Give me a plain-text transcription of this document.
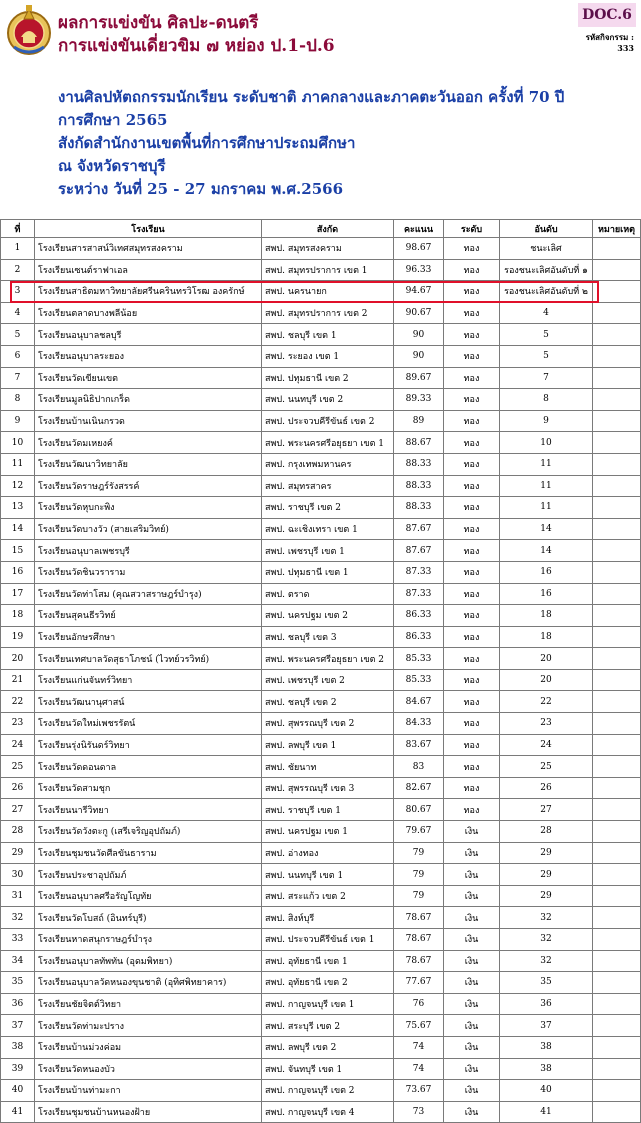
ผลการแข่งขัน ศิลปะ-ดนตรี
การแข่งขันเดี่ยวขิม ๗ หย่อง ป.1-ป.6
DOC.6
รหัสกิจกรรม :
333
งานศิลปหัตถกรรมนักเรียน ระดับชาติ ภาคกลางและภาคตะวันออก ครั้งที่ 70 ปี
การศึกษา 2565
สังกัดสำนักงานเขตพื้นที่การศึกษาประถมศึกษา
ณ จังหวัดราชบุรี
ระหว่าง วันที่ 25 - 27 มกราคม พ.ศ.2566
ที่	โรงเรียน	สังกัด	คะแนน	ระดับ	อันดับ	หมายเหตุ
1	โรงเรียนสารสาสน์วิเทศสมุทรสงคราม	สพป. สมุทรสงคราม	98.67	ทอง	ชนะเลิศ	
2	โรงเรียนเซนต์ราฟาเอล	สพป. สมุทรปราการ เขต 1	96.33	ทอง	รองชนะเลิศอันดับที่ ๑	
3	โรงเรียนสาธิตมหาวิทยาลัยศรีนครินทรวิโรฒ องครักษ์	สพป. นครนายก	94.67	ทอง	รองชนะเลิศอันดับที่ ๒	
4	โรงเรียนตลาดบางพลีน้อย	สพป. สมุทรปราการ เขต 2	90.67	ทอง	4	
5	โรงเรียนอนุบาลชลบุรี	สพป. ชลบุรี เขต 1	90	ทอง	5	
6	โรงเรียนอนุบาลระยอง	สพป. ระยอง เขต 1	90	ทอง	5	
7	โรงเรียนวัดเขียนเขต	สพป. ปทุมธานี เขต 2	89.67	ทอง	7	
8	โรงเรียนมูลนิธิปากเกร็ด	สพป. นนทบุรี เขต 2	89.33	ทอง	8	
9	โรงเรียนบ้านเนินกรวด	สพป. ประจวบคีรีขันธ์ เขต 2	89	ทอง	9	
10	โรงเรียนวัดมเหยงค์	สพป. พระนครศรีอยุธยา เขต 1	88.67	ทอง	10	
11	โรงเรียนวัฒนาวิทยาลัย	สพป. กรุงเทพมหานคร	88.33	ทอง	11	
12	โรงเรียนวัดราษฎร์รังสรรค์	สพป. สมุทรสาคร	88.33	ทอง	11	
13	โรงเรียนวัดหุบกะพิง	สพป. ราชบุรี เขต 2	88.33	ทอง	11	
14	โรงเรียนวัดบางวัว (สายเสริมวิทย์)	สพป. ฉะเชิงเทรา เขต 1	87.67	ทอง	14	
15	โรงเรียนอนุบาลเพชรบุรี	สพป. เพชรบุรี เขต 1	87.67	ทอง	14	
16	โรงเรียนวัดชินวราราม	สพป. ปทุมธานี เขต 1	87.33	ทอง	16	
17	โรงเรียนวัดท่าโสม (คุณสวาสราษฎร์บำรุง)	สพป. ตราด	87.33	ทอง	16	
18	โรงเรียนสุคนธีรวิทย์	สพป. นครปฐม เขต 2	86.33	ทอง	18	
19	โรงเรียนอักษรศึกษา	สพป. ชลบุรี เขต 3	86.33	ทอง	18	
20	โรงเรียนเทศบาลวัดสุธาโภชน์ (ไวทย์วรวิทย์)	สพป. พระนครศรีอยุธยา เขต 2	85.33	ทอง	20	
21	โรงเรียนแก่นจันทร์วิทยา	สพป. เพชรบุรี เขต 2	85.33	ทอง	20	
22	โรงเรียนวัฒนานุศาสน์	สพป. ชลบุรี เขต 2	84.67	ทอง	22	
23	โรงเรียนวัดใหม่เพชรรัตน์	สพป. สุพรรณบุรี เขต 2	84.33	ทอง	23	
24	โรงเรียนรุ่งนิรันดร์วิทยา	สพป. ลพบุรี เขต 1	83.67	ทอง	24	
25	โรงเรียนวัดดอนดาล	สพป. ชัยนาท	83	ทอง	25	
26	โรงเรียนวัดสามชุก	สพป. สุพรรณบุรี เขต 3	82.67	ทอง	26	
27	โรงเรียนนารีวิทยา	สพป. ราชบุรี เขต 1	80.67	ทอง	27	
28	โรงเรียนวัดวังตะกู (เสรีเจริญอุปถัมภ์)	สพป. นครปฐม เขต 1	79.67	เงิน	28	
29	โรงเรียนชุมชนวัดศีลขันธาราม	สพป. อ่างทอง	79	เงิน	29	
30	โรงเรียนประชาอุปถัมภ์	สพป. นนทบุรี เขต 1	79	เงิน	29	
31	โรงเรียนอนุบาลศรีอรัญโญทัย	สพป. สระแก้ว เขต 2	79	เงิน	29	
32	โรงเรียนวัดโบสถ์ (อินทร์บุรี)	สพป. สิงห์บุรี	78.67	เงิน	32	
33	โรงเรียนหาดสนุกราษฎร์บำรุง	สพป. ประจวบคีรีขันธ์ เขต 1	78.67	เงิน	32	
34	โรงเรียนอนุบาลทัพทัน (อุดมพิทยา)	สพป. อุทัยธานี เขต 1	78.67	เงิน	32	
35	โรงเรียนอนุบาลวัดหนองขุนชาติ (อุทิศพิทยาคาร)	สพป. อุทัยธานี เขต 2	77.67	เงิน	35	
36	โรงเรียนชัยจิตต์วิทยา	สพป. กาญจนบุรี เขต 1	76	เงิน	36	
37	โรงเรียนวัดท่ามะปราง	สพป. สระบุรี เขต 2	75.67	เงิน	37	
38	โรงเรียนบ้านม่วงค่อม	สพป. ลพบุรี เขต 2	74	เงิน	38	
39	โรงเรียนวัดหนองบัว	สพป. จันทบุรี เขต 1	74	เงิน	38	
40	โรงเรียนบ้านท่ามะกา	สพป. กาญจนบุรี เขต 2	73.67	เงิน	40	
41	โรงเรียนชุมชนบ้านหนองฝ้าย	สพป. กาญจนบุรี เขต 4	73	เงิน	41	
